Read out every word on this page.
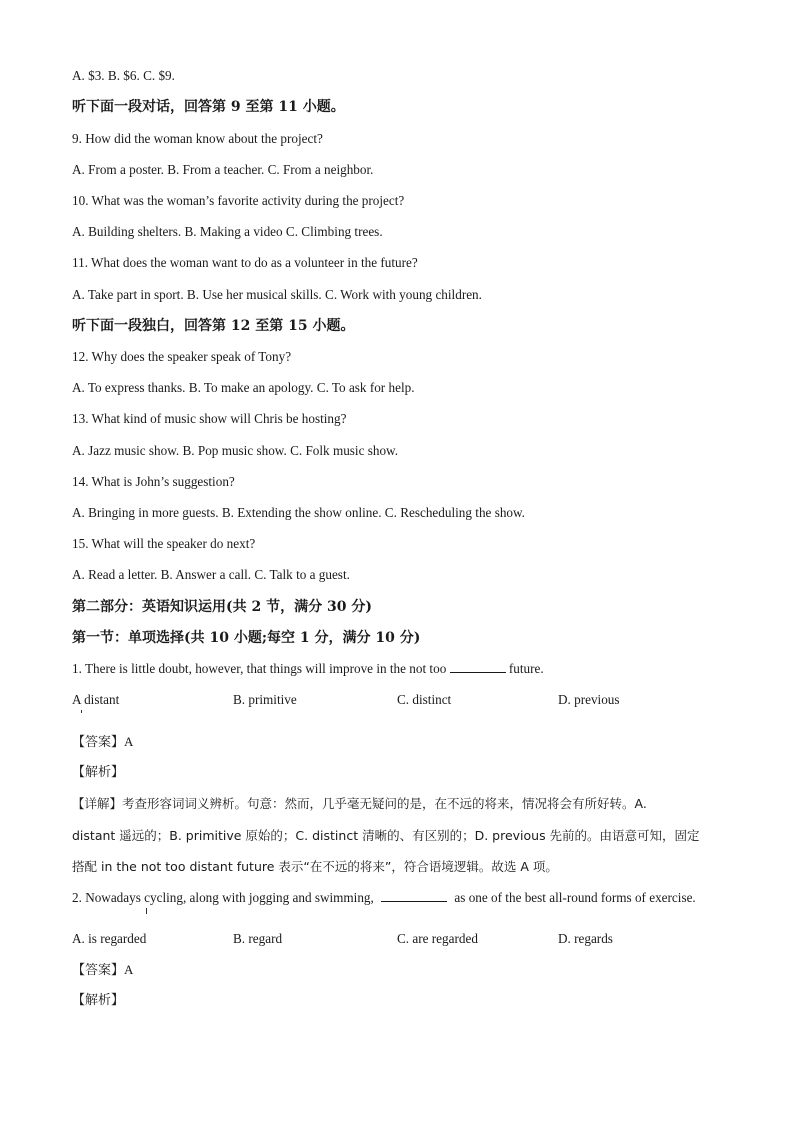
A. $3. B. $6. C. $9.
听下面一段对话，回答第 9 至第 11 小题。
9. How did the woman know about the project?
A. From a poster. B. From a teacher. C. From a neighbor.
10. What was the woman’s favorite activity during the project?
A. Building shelters. B. Making a video C. Climbing trees.
11. What does the woman want to do as a volunteer in the future?
A. Take part in sport. B. Use her musical skills. C. Work with young children.
听下面一段独白，回答第 12 至第 15 小题。
12. Why does the speaker speak of Tony?
A. To express thanks. B. To make an apology. C. To ask for help.
13. What kind of music show will Chris be hosting?
A. Jazz music show. B. Pop music show. C. Folk music show.
14. What is John’s suggestion?
A. Bringing in more guests. B. Extending the show online. C. Rescheduling the show.
15. What will the speaker do next?
A. Read a letter. B. Answer a call. C. Talk to a guest.
第二部分：英语知识运用(共 2 节，满分 30 分)
第一节：单项选择(共 10 小题;每空 1 分，满分 10 分)
1. There is little doubt, however, that things will improve in the not too	future.
A distant	B. primitive	C. distinct	D. previous
【答案】A
【解析】
【详解】考查形容词词义辨析。句意：然而，几乎毫无疑问的是，在不远的将来，情况将会有所好转。A.
distant 遥远的；B. primitive 原始的；C. distinct 清晰的、有区别的；D. previous 先前的。由语意可知，固定
搭配 in the not too distant future 表示“在不远的将来”，符合语境逻辑。故选 A 项。
2. Nowadays cycling, along with jogging and swimming,	as one of the best all-round forms of exercise.
A. is regarded	B. regard	C. are regarded	D. regards
【答案】A
【解析】
